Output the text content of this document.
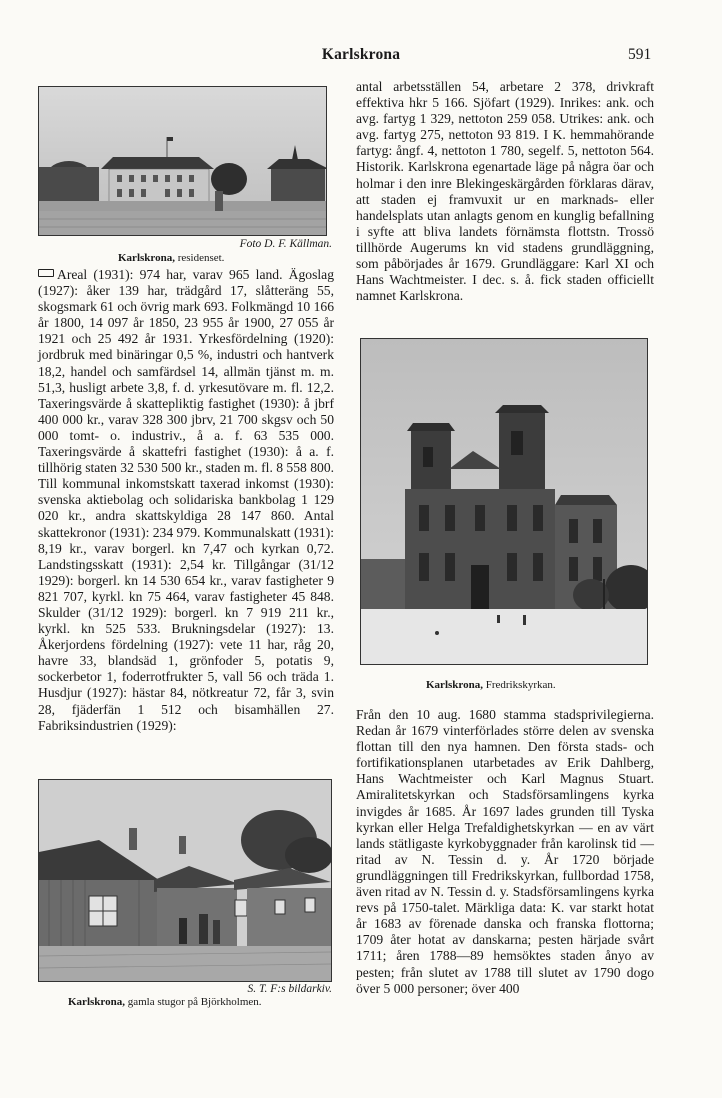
Karlskrona	591
Foto D. F. Källman.
Karlskrona, residenset.

Areal (1931): 974 har, varav 965 land. Ägoslag (1927): åker 139 har, trädgård 17, slåtteräng 55, skogsmark 61 och övrig mark 693. Folkmängd 10 166 år 1800, 14 097 år 1850, 23 955 år 1900, 27 055 år 1921 och 25 492 år 1931. Yrkesfördelning (1920): jordbruk med binäringar 0,5 %, industri och hantverk 18,2, handel och samfärdsel 14, allmän tjänst m. m. 51,3, husligt arbete 3,8, f. d. yrkesutövare m. fl. 12,2. Taxeringsvärde å skattepliktig fastighet (1930): å jbrf 400 000 kr., varav 328 300 jbrv, 21 700 skgsv och 50 000 tomt- o. industriv., å a. f. 63 535 000. Taxeringsvärde å skattefri fastighet (1930): å a. f. tillhörig staten 32 530 500 kr., staden m. fl. 8 558 800. Till kommunal inkomstskatt taxerad inkomst (1930): svenska aktiebolag och solidariska bankbolag 1 129 020 kr., andra skattskyldiga 28 147 860. Antal skattekronor (1931): 234 979. Kommunalskatt (1931): 8,19 kr., varav borgerl. kn 7,47 och kyrkan 0,72. Landstingsskatt (1931): 2,54 kr. Tillgångar (31/12 1929): borgerl. kn 14 530 654 kr., varav fastigheter 9 821 707, kyrkl. kn 75 464, varav fastigheter 45 848. Skulder (31/12 1929): borgerl. kn 7 919 211 kr., kyrkl. kn 525 533. Brukningsdelar (1927): 13. Åkerjordens fördelning (1927): vete 11 har, råg 20, havre 33, blandsäd 1, grönfoder 5, potatis 9, sockerbetor 1, foderrotfrukter 5, vall 56 och träda 1. Husdjur (1927): hästar 84, nötkreatur 72, får 3, svin 28, fjäderfän 1 512 och bisamhällen 27. Fabriksindustrien (1929):

S. T. F:s bildarkiv.
Karlskrona, gamla stugor på Björkholmen.

antal arbetsställen 54, arbetare 2 378, drivkraft effektiva hkr 5 166. Sjöfart (1929). Inrikes: ank. och avg. fartyg 1 329, nettoton 259 058. Utrikes: ank. och avg. fartyg 275, nettoton 93 819. I K. hemmahörande fartyg: ångf. 4, nettoton 1 780, segelf. 5, nettoton 564. Historik. Karlskrona egenartade läge på några öar och holmar i den inre Blekingeskärgården förklaras därav, att staden ej framvuxit ur en marknads- eller handelsplats utan anlagts genom en kunglig befallning i syfte att bliva landets förnämsta flottstn. Trossö tillhörde Augerums kn vid stadens grundläggning, som påbörjades år 1679. Grundläggare: Karl XI och Hans Wachtmeister. I dec. s. å. fick staden officiellt namnet Karlskrona.

Karlskrona, Fredrikskyrkan.

Från den 10 aug. 1680 stamma stadsprivilegierna. Redan år 1679 vinterförlades större delen av svenska flottan till den nya hamnen. Den första stads- och fortifikationsplanen utarbetades av Erik Dahlberg, Hans Wachtmeister och Karl Magnus Stuart. Amiralitetskyrkan och Stadsförsamlingens kyrka invigdes år 1685. År 1697 lades grunden till Tyska kyrkan eller Helga Trefaldighetskyrkan — en av värt lands stätligaste kyrkobyggnader från karolinsk tid — ritad av N. Tessin d. y. År 1720 började grundläggningen till Fredrikskyrkan, fullbordad 1758, även ritad av N. Tessin d. y. Stadsförsamlingens kyrka revs på 1750-talet. Märkliga data: K. var starkt hotat år 1683 av förenade danska och franska flottorna; 1709 åter hotat av danskarna; pesten härjade svårt 1711; åren 1788—89 hemsöktes staden ånyo av pesten; från slutet av 1788 till slutet av 1790 dogo över 5 000 personer; över 400
